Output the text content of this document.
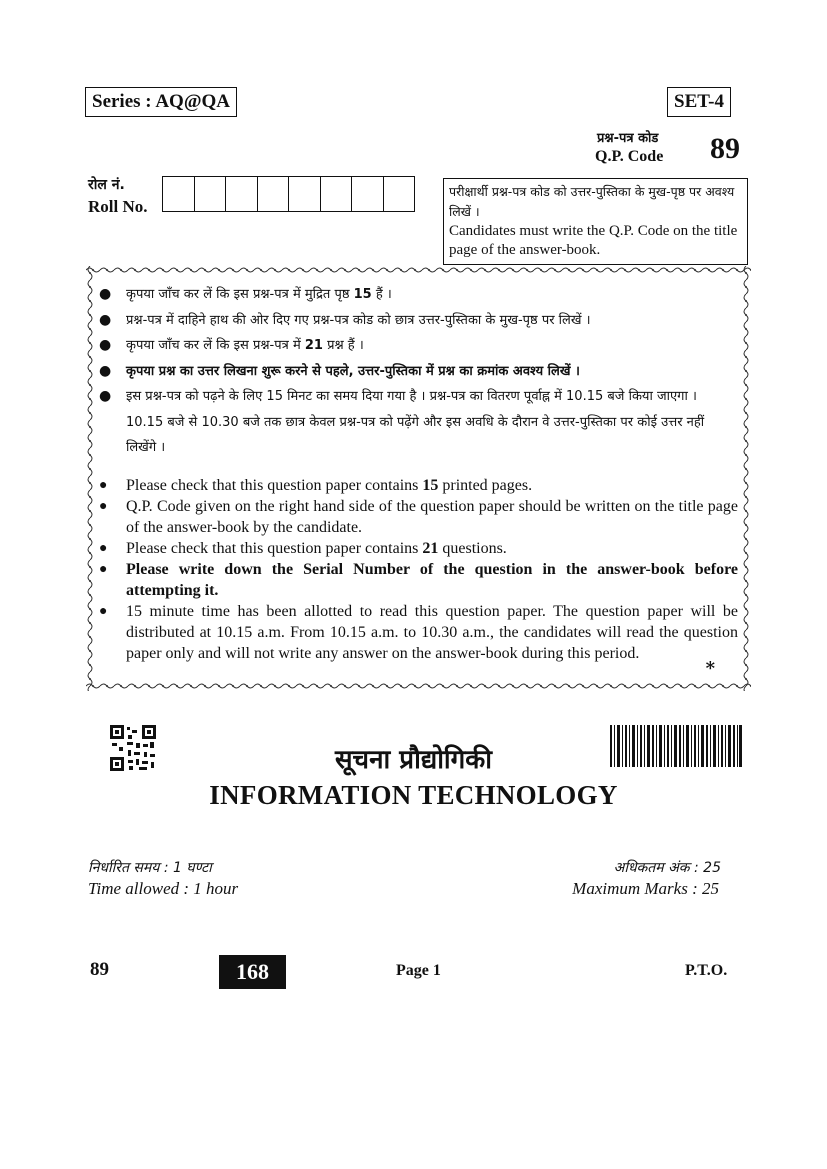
Series : AQ@QA	SET-4
प्रश्न-पत्र कोड
Q.P. Code 89
रोल नं.
Roll No.
परीक्षार्थी प्रश्न-पत्र कोड को उत्तर-पुस्तिका के मुख-पृष्ठ पर अवश्य लिखें ।
Candidates must write the Q.P. Code on the title page of the answer-book.
● कृपया जाँच कर लें कि इस प्रश्न-पत्र में मुद्रित पृष्ठ 15 हैं ।
● प्रश्न-पत्र में दाहिने हाथ की ओर दिए गए प्रश्न-पत्र कोड को छात्र उत्तर-पुस्तिका के मुख-पृष्ठ पर लिखें ।
● कृपया जाँच कर लें कि इस प्रश्न-पत्र में 21 प्रश्न हैं ।
● कृपया प्रश्न का उत्तर लिखना शुरू करने से पहले, उत्तर-पुस्तिका में प्रश्न का क्रमांक अवश्य लिखें ।
● इस प्रश्न-पत्र को पढ़ने के लिए 15 मिनट का समय दिया गया है । प्रश्न-पत्र का वितरण पूर्वाह्न में 10.15 बजे किया जाएगा । 10.15 बजे से 10.30 बजे तक छात्र केवल प्रश्न-पत्र को पढ़ेंगे और इस अवधि के दौरान वे उत्तर-पुस्तिका पर कोई उत्तर नहीं लिखेंगे ।
● Please check that this question paper contains 15 printed pages.
● Q.P. Code given on the right hand side of the question paper should be written on the title page of the answer-book by the candidate.
● Please check that this question paper contains 21 questions.
● Please write down the Serial Number of the question in the answer-book before attempting it.
● 15 minute time has been allotted to read this question paper. The question paper will be distributed at 10.15 a.m. From 10.15 a.m. to 10.30 a.m., the candidates will read the question paper only and will not write any answer on the answer-book during this period.
*
सूचना प्रौद्योगिकी
INFORMATION TECHNOLOGY
निर्धारित समय : 1 घण्टा
Time allowed : 1 hour
अधिकतम अंक : 25
Maximum Marks : 25
89	168	Page 1	P.T.O.
